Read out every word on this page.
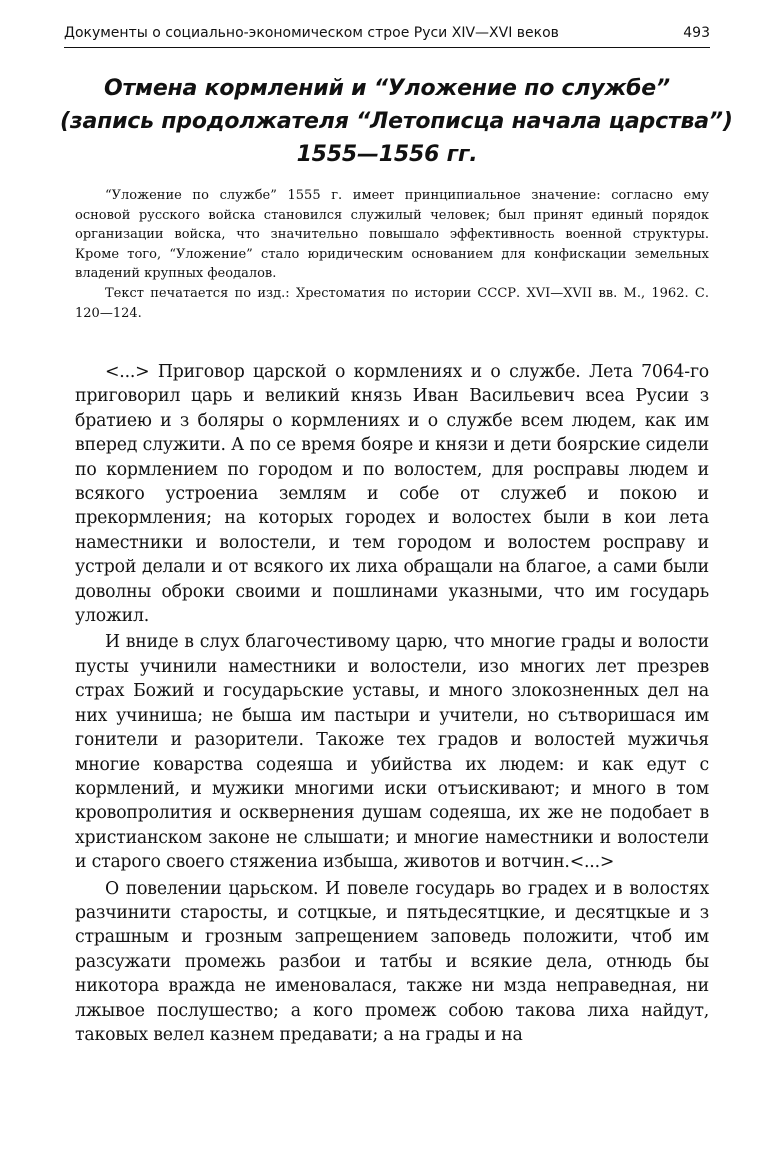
Документы о социально-экономическом строе Руси XIV—XVI веков	493
Отмена кормлений и “Уложение по службе”
(запись продолжателя “Летописца начала царства”)
1555—1556 гг.

“Уложение по службе” 1555 г. имеет принципиальное значение: согласно ему основой русского войска становился служилый человек; был принят единый порядок организации войска, что значительно повышало эффективность военной структуры. Кроме того, “Уложение” стало юридическим основанием для конфискации земельных владений крупных феодалов.

Текст печатается по изд.: Хрестоматия по истории СССР. XVI—XVII вв. М., 1962. С. 120—124.

<...> Приговор царской о кормлениях и о службе. Лета 7064-го приговорил царь и великий князь Иван Васильевич всеа Русии з братиею и з боляры о кормлениях и о службе всем людем, как им вперед служити. А по се время бояре и князи и дети боярские сидели по кормлением по городом и по волостем, для росправы людем и всякого устроениа землям и собе от служеб и покою и прекормления; на которых городех и волостех были в кои лета наместники и волостели, и тем городом и волостем росправу и устрой делали и от всякого их лиха обращали на благое, а сами были доволны оброки своими и пошлинами указными, что им государь уложил.

И вниде в слух благочестивому царю, что многие грады и волости пусты учинили наместники и волостели, изо многих лет презрев страх Божий и государьские уставы, и много злокозненных дел на них учиниша; не быша им пастыри и учители, но сътворишася им гонители и разорители. Такоже тех градов и волостей мужичья многие коварства содеяша и убийства их людем: и как едут с кормлений, и мужики многими иски отъискивают; и много в том кровопролития и осквернения душам содеяша, их же не подобает в христианском законе не слышати; и многие наместники и волостели и старого своего стяжениа избыша, животов и вотчин.<...>

О повелении царьском. И повеле государь во градех и в волостях разчинити старосты, и сотцкые, и пятьдесятцкие, и десятцкые и з страшным и грозным запрещением заповедь положити, чтоб им разсужати промежь разбои и татбы и всякие дела, отнюдь бы никотора вражда не именовалася, также ни мзда неправедная, ни лжывое послушество; а кого промеж собою такова лиха найдут, таковых велел казнем предавати; а на грады и на
